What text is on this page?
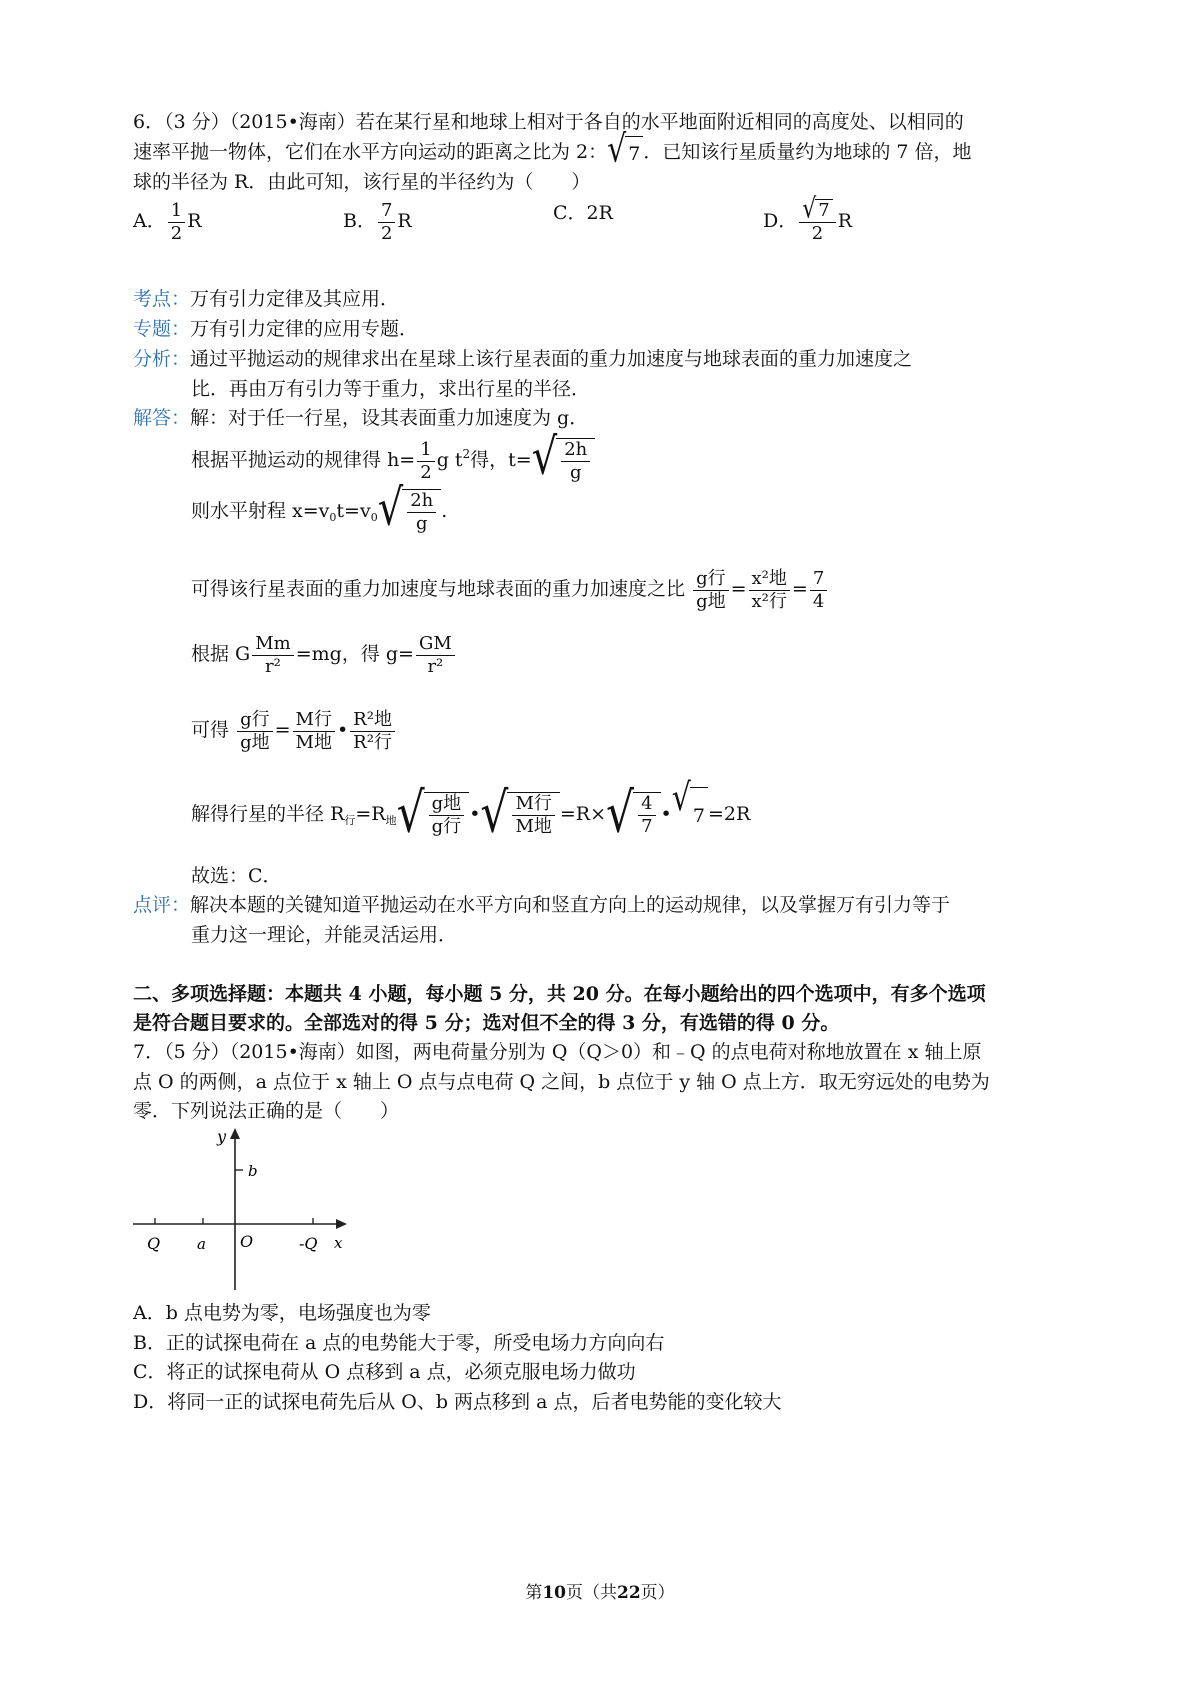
6．（3 分）（2015•海南）若在某行星和地球上相对于各自的水平地面附近相同的高度处、以相同的
速率平抛一物体，它们在水平方向运动的距离之比为 2： √ 7 ．已知该行星质量约为地球的 7 倍，地
球的半径为 R．由此可知，该行星的半径约为（　　）
A． $\frac{1}{2}$ R	B． $\frac{7}{2}$ R	C．2R	D． $\frac{√ 7}{2}$ R
考点：万有引力定律及其应用．
专题：万有引力定律的应用专题．
分析：通过平抛运动的规律求出在星球上该行星表面的重力加速度与地球表面的重力加速度之
比．再由万有引力等于重力，求出行星的半径．
解答：解：对于任一行星，设其表面重力加速度为 g．
根据平抛运动的规律得 $h= \frac{1}{2}$ g $t^2$得，t= √ $\frac{2h}{g}$
则水平射程 $x=v_0t=v_0$ √ $\frac{2h}{g}$ .
可得该行星表面的重力加速度与地球表面的重力加速度之比 $\frac{\text{g行}}{\text{g地}} = \frac{\text{x²地}}{\text{x²行}} = \frac{7}{4}$
根据 G $\frac{Mm}{\text{r²}} =mg$，得 $g= \frac{GM}{\text{r²}}$
可得 $\frac{\text{g行}}{\text{g地}} = \frac{\text{M行}}{\text{M地}}$ • $\frac{\text{R²地}}{\text{R²行}}$
解得行星的半径 $R_行=R_地$ √ $\frac{\text{g地}}{\text{g行}}$ • √ $\frac{\text{M行}}{\text{M地}} =R\times$ √ $\frac{4}{7}$ • √ 7 =2R
故选：C．
点评：解决本题的关键知道平抛运动在水平方向和竖直方向上的运动规律，以及掌握万有引力等于
重力这一理论，并能灵活运用．
二、多项选择题：本题共 4 小题，每小题 5 分，共 20 分。在每小题给出的四个选项中，有多个选项
是符合题目要求的。全部选对的得 5 分；选对但不全的得 3 分，有选错的得 0 分。
7．（5 分）（2015•海南）如图，两电荷量分别为 Q（Q＞0）和﹣Q 的点电荷对称地放置在 x 轴上原
点 O 的两侧，a 点位于 x 轴上 O 点与点电荷 Q 之间，b 点位于 y 轴 O 点上方．取无穷远处的电势为
零．下列说法正确的是（　　）
y
b
Q a O	-Q x
A．b 点电势为零，电场强度也为零
B．正的试探电荷在 a 点的电势能大于零，所受电场力方向向右
C．将正的试探电荷从 O 点移到 a 点，必须克服电场力做功
D．将同一正的试探电荷先后从 O、b 两点移到 a 点，后者电势能的变化较大
第10页（共22页）
